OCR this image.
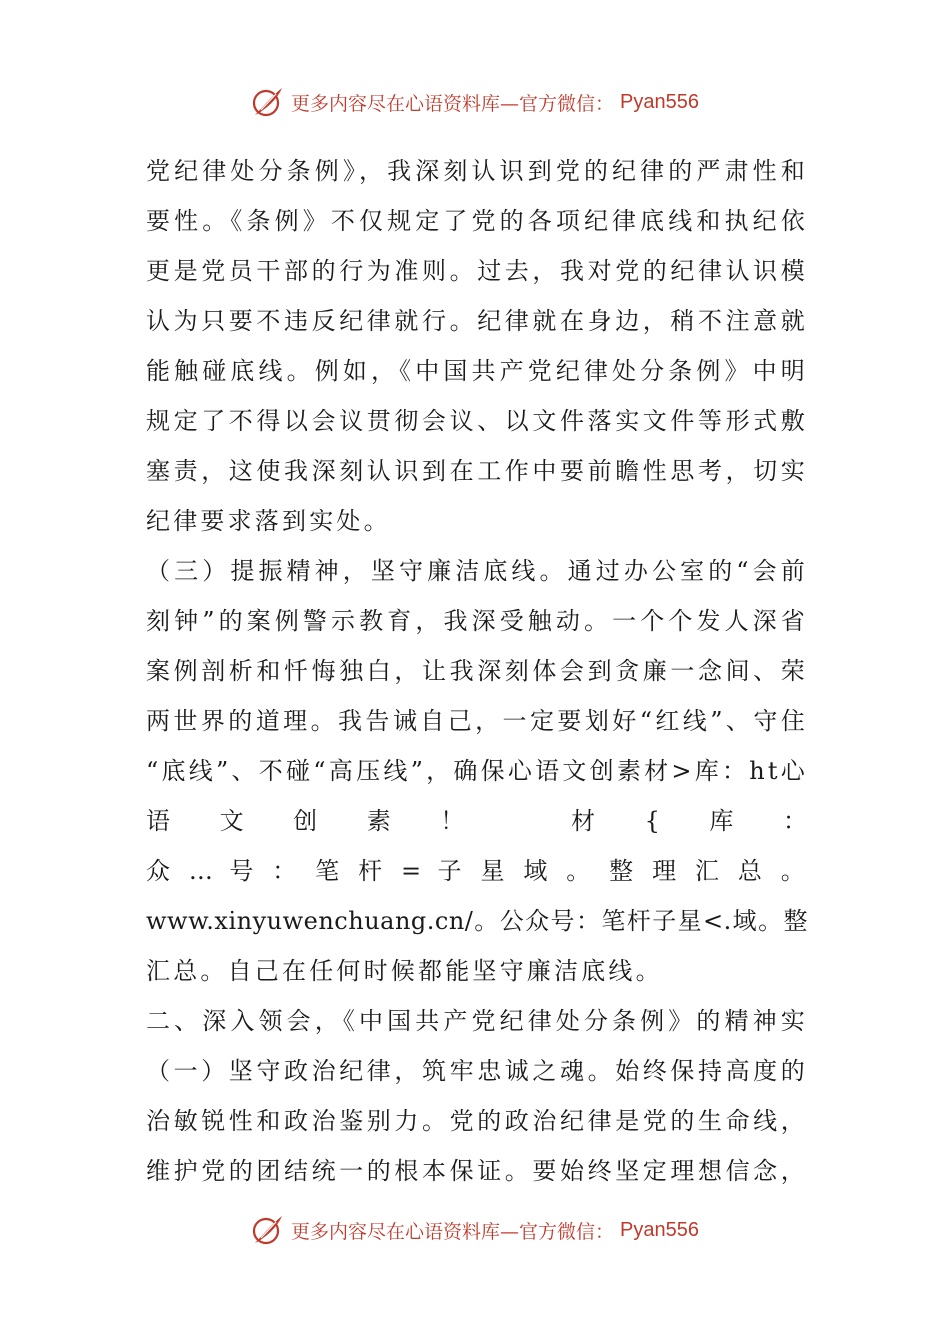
更多内容尽在心语资料库—官方微信： Pyan556
党纪律处分条例》，我深刻认识到党的纪律的严肃性和
要性。《条例》不仅规定了党的各项纪律底线和执纪依
更是党员干部的行为准则。过去，我对党的纪律认识模
认为只要不违反纪律就行。纪律就在身边，稍不注意就
能触碰底线。例如，《中国共产党纪律处分条例》中明
规定了不得以会议贯彻会议、以文件落实文件等形式敷
塞责，这使我深刻认识到在工作中要前瞻性思考，切实
纪律要求落到实处。
（三）提振精神，坚守廉洁底线。通过办公室的“会前
刻钟”的案例警示教育，我深受触动。一个个发人深省
案例剖析和忏悔独白，让我深刻体会到贪廉一念间、荣
两世界的道理。我告诫自己，一定要划好“红线”、守住
“底线”、不碰“高压线”，确保心语文创素材>库：ht心
语文创素！ 材{库：
众 … 号 ： 笔 杆 = 子 星 域 。 整 理 汇 总 。
www.xinyuwenchuang.cn/。公众号：笔杆子星<.域。整
汇总。自己在任何时候都能坚守廉洁底线。
二、深入领会，《中国共产党纪律处分条例》的精神实
（一）坚守政治纪律，筑牢忠诚之魂。始终保持高度的
治敏锐性和政治鉴别力。党的政治纪律是党的生命线，
维护党的团结统一的根本保证。要始终坚定理想信念，
更多内容尽在心语资料库—官方微信： Pyan556
